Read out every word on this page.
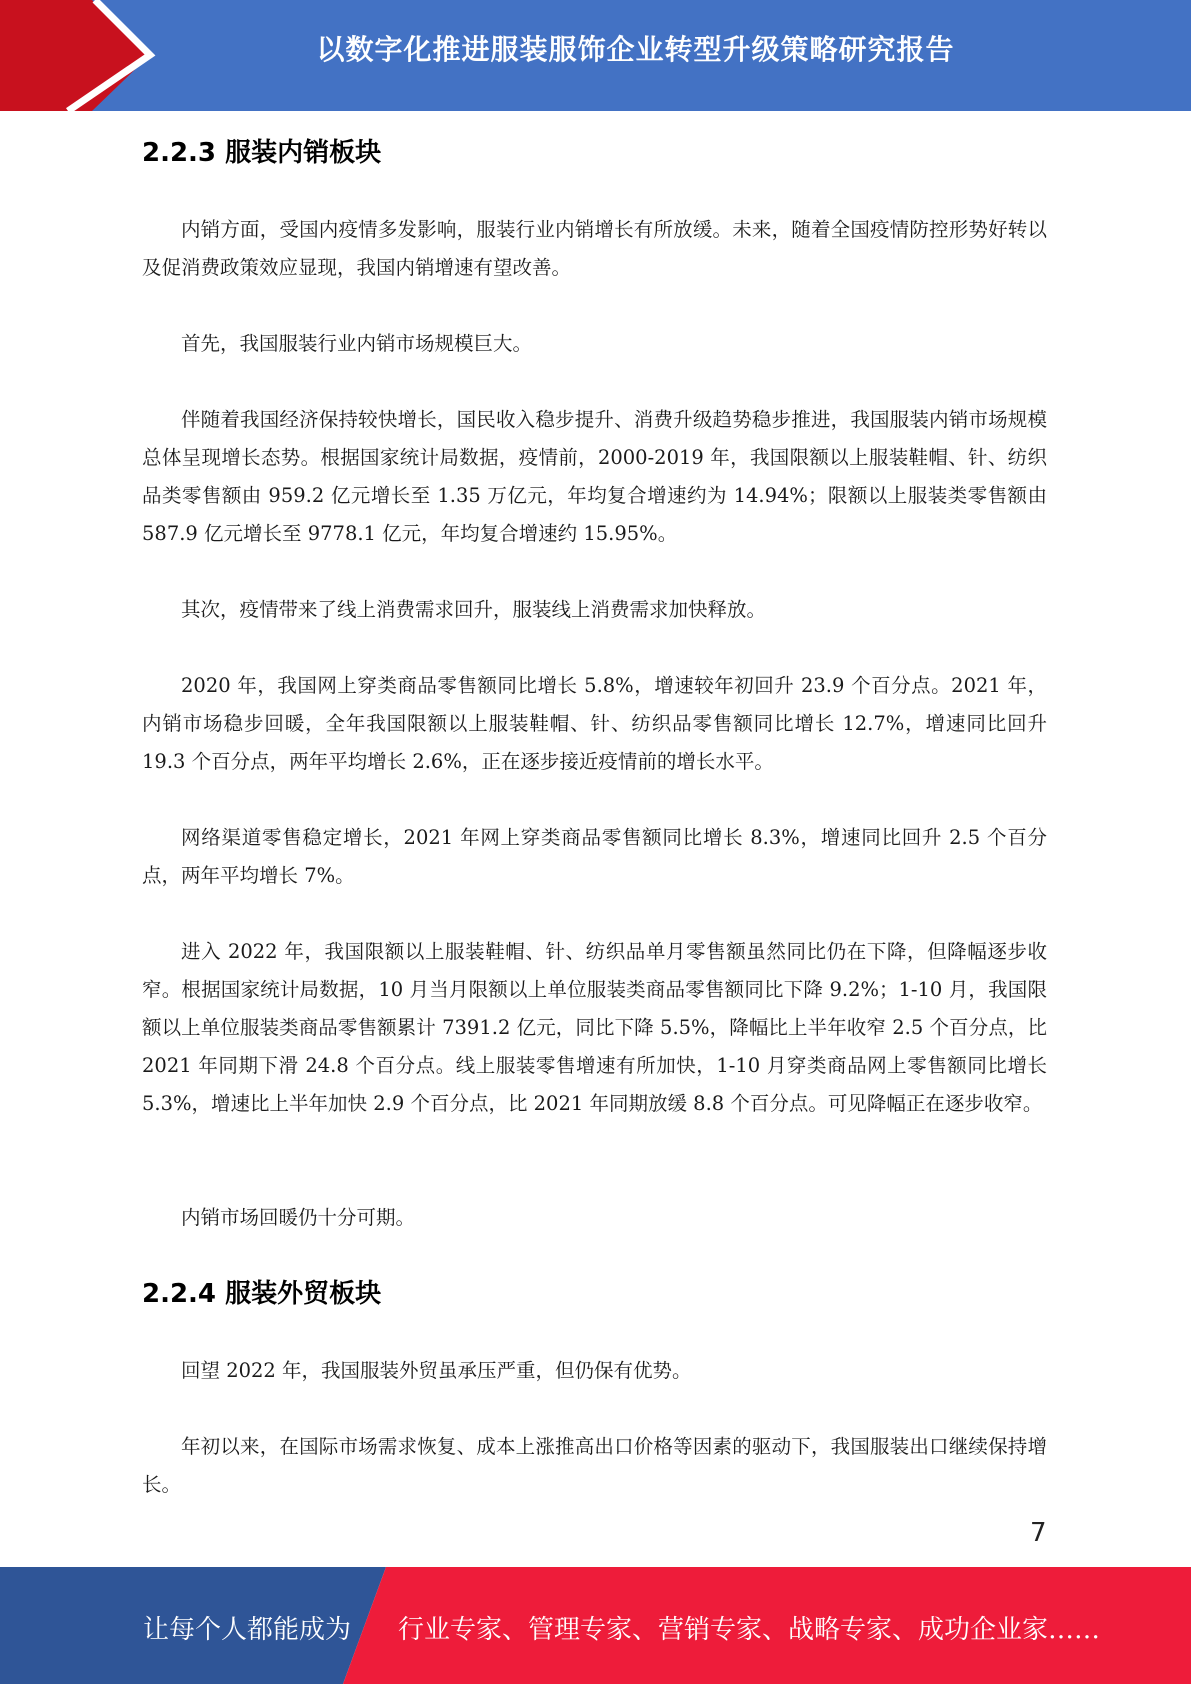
以数字化推进服装服饰企业转型升级策略研究报告
2.2.3 服装内销板块

内销方面，受国内疫情多发影响，服装行业内销增长有所放缓。未来，随着全国疫情防控形势好转以及促消费政策效应显现，我国内销增速有望改善。

首先，我国服装行业内销市场规模巨大。

伴随着我国经济保持较快增长，国民收入稳步提升、消费升级趋势稳步推进，我国服装内销市场规模总体呈现增长态势。根据国家统计局数据，疫情前，2000-2019 年，我国限额以上服装鞋帽、针、纺织品类零售额由 959.2 亿元增长至 1.35 万亿元，年均复合增速约为 14.94%；限额以上服装类零售额由 587.9 亿元增长至 9778.1 亿元，年均复合增速约 15.95%。

其次，疫情带来了线上消费需求回升，服装线上消费需求加快释放。

2020 年，我国网上穿类商品零售额同比增长 5.8%，增速较年初回升 23.9 个百分点。2021 年，内销市场稳步回暖，全年我国限额以上服装鞋帽、针、纺织品零售额同比增长 12.7%，增速同比回升 19.3 个百分点，两年平均增长 2.6%，正在逐步接近疫情前的增长水平。

网络渠道零售稳定增长，2021 年网上穿类商品零售额同比增长 8.3%，增速同比回升 2.5 个百分点，两年平均增长 7%。

进入 2022 年，我国限额以上服装鞋帽、针、纺织品单月零售额虽然同比仍在下降，但降幅逐步收窄。根据国家统计局数据，10 月当月限额以上单位服装类商品零售额同比下降 9.2%；1-10 月，我国限额以上单位服装类商品零售额累计 7391.2 亿元，同比下降 5.5%，降幅比上半年收窄 2.5 个百分点，比 2021 年同期下滑 24.8 个百分点。线上服装零售增速有所加快，1-10 月穿类商品网上零售额同比增长 5.3%，增速比上半年加快 2.9 个百分点，比 2021 年同期放缓 8.8 个百分点。可见降幅正在逐步收窄。

内销市场回暖仍十分可期。

2.2.4 服装外贸板块

回望 2022 年，我国服装外贸虽承压严重，但仍保有优势。

年初以来，在国际市场需求恢复、成本上涨推高出口价格等因素的驱动下，我国服装出口继续保持增长。

7
让每个人都能成为 行业专家、管理专家、营销专家、战略专家、成功企业家……
